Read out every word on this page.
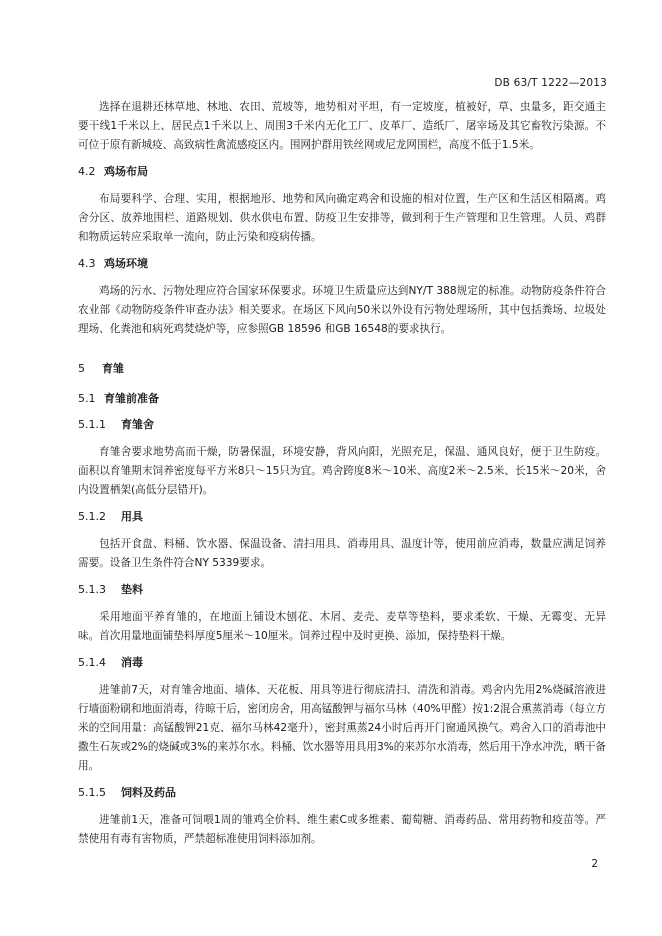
DB 63/T 1222—2013

选择在退耕还林草地、林地、农田、荒坡等，地势相对平坦，有一定坡度，植被好，草、虫量多，距交通主要干线1千米以上、居民点1千米以上、周围3千米内无化工厂、皮革厂、造纸厂、屠宰场及其它畜牧污染源。不可位于原有新城疫、高致病性禽流感疫区内。围网护群用铁丝网或尼龙网围栏，高度不低于1.5米。

4.2 鸡场布局

布局要科学、合理、实用，根据地形、地势和风向确定鸡舍和设施的相对位置，生产区和生活区相隔离。鸡舍分区、放养地围栏、道路规划、供水供电布置、防疫卫生安排等，做到利于生产管理和卫生管理。人员、鸡群和物质运转应采取单一流向，防止污染和疫病传播。

4.3 鸡场环境

鸡场的污水、污物处理应符合国家环保要求。环境卫生质量应达到NY/T 388规定的标准。动物防疫条件符合农业部《动物防疫条件审查办法》相关要求。在场区下风向50米以外设有污物处理场所，其中包括粪场、垃圾处理场、化粪池和病死鸡焚烧炉等，应参照GB 18596 和GB 16548的要求执行。

5 育雏
5.1 育雏前准备
5.1.1 育雏舍

育雏舍要求地势高而干燥，防暑保温，环境安静，背风向阳，光照充足，保温、通风良好，便于卫生防疫。面积以育雏期末饲养密度每平方米8只～15只为宜。鸡舍跨度8米～10米、高度2米～2.5米、长15米～20米，舍内设置栖架(高低分层错开)。

5.1.2 用具

包括开食盘、料桶、饮水器、保温设备、清扫用具、消毒用具、温度计等，使用前应消毒，数量应满足饲养需要。设备卫生条件符合NY 5339要求。

5.1.3 垫料

采用地面平养育雏的，在地面上铺设木刨花、木屑、麦壳、麦草等垫料，要求柔软、干燥、无霉变、无异味。首次用量地面铺垫料厚度5厘米～10厘米。饲养过程中及时更换、添加，保持垫料干燥。

5.1.4 消毒

进雏前7天，对育雏舍地面、墙体、天花板、用具等进行彻底清扫、清洗和消毒。鸡舍内先用2%烧碱溶液进行墙面粉刷和地面消毒，待晾干后，密闭房舍，用高锰酸钾与福尔马林（40%甲醛）按1:2混合熏蒸消毒（每立方米的空间用量：高锰酸钾21克、福尔马林42毫升），密封熏蒸24小时后再开门窗通风换气。鸡舍入口的消毒池中撒生石灰或2%的烧碱或3%的来苏尔水。料桶、饮水器等用具用3%的来苏尔水消毒，然后用干净水冲洗，晒干备用。

5.1.5 饲料及药品

进雏前1天，准备可饲喂1周的雏鸡全价料、维生素C或多维素、葡萄糖、消毒药品、常用药物和疫苗等。严禁使用有毒有害物质，严禁超标准使用饲料添加剂。

2
